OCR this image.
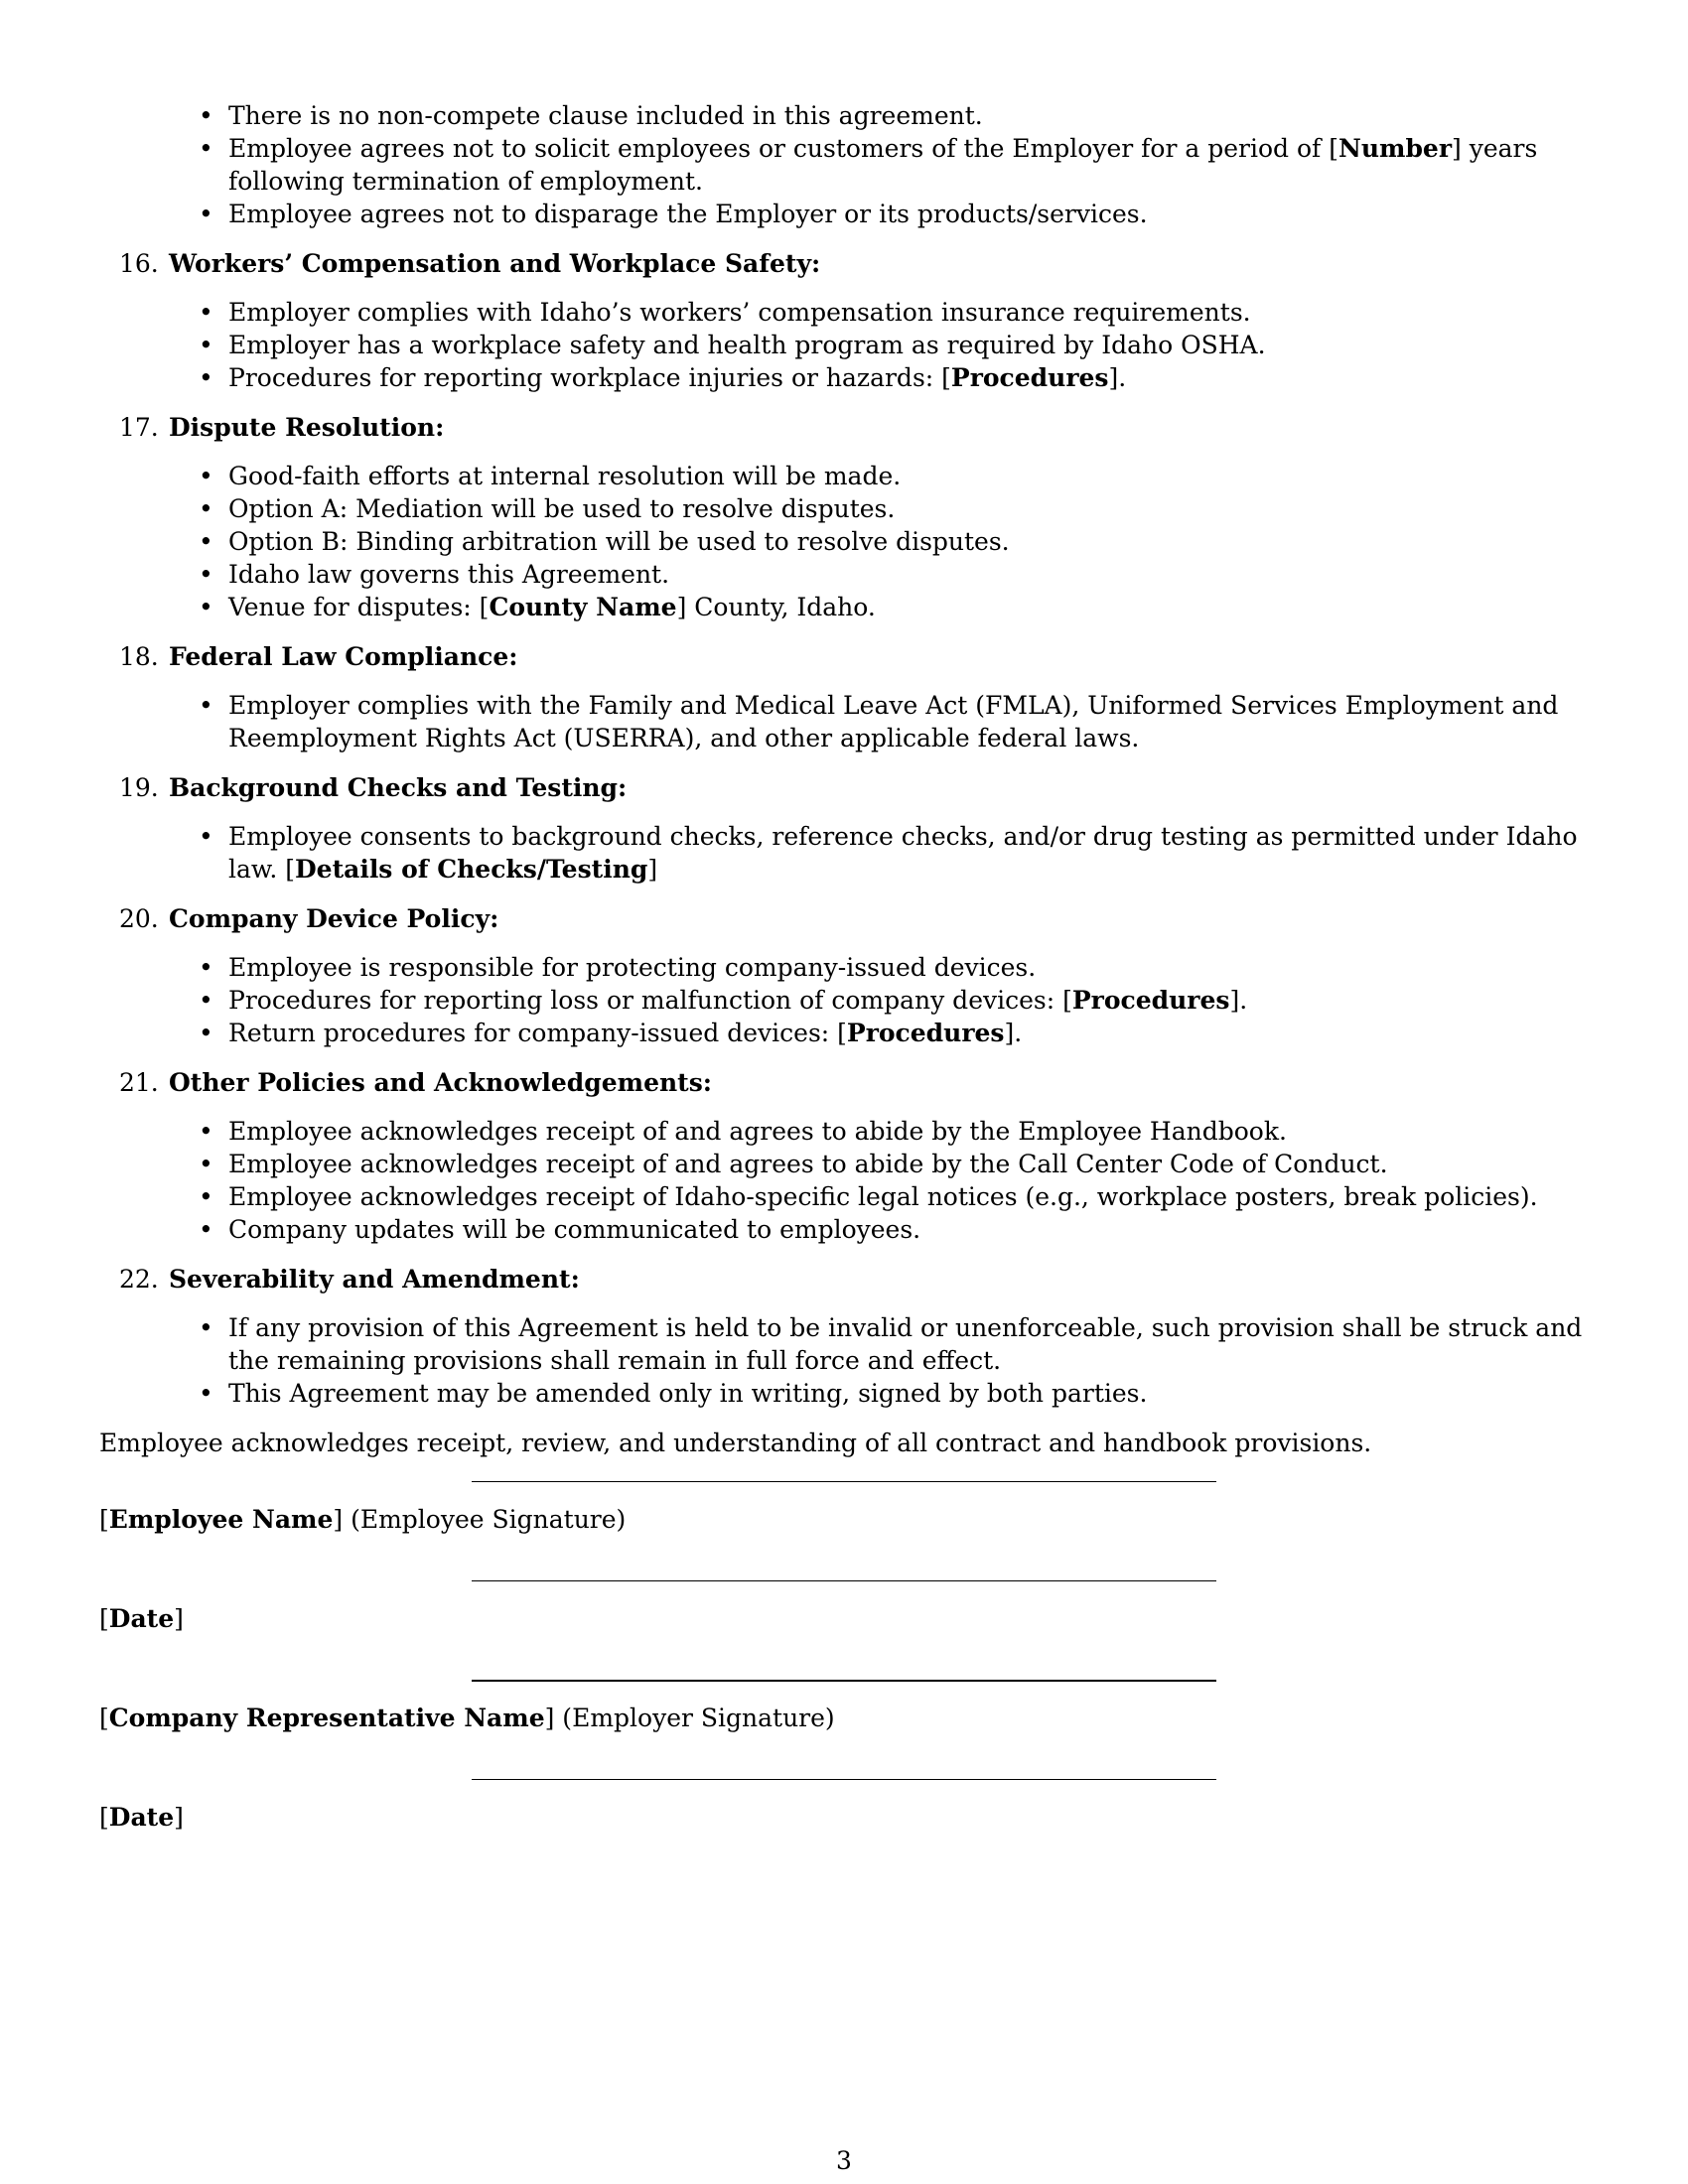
• There is no non-compete clause included in this agreement.
• Employee agrees not to solicit employees or customers of the Employer for a period of [Number] years following termination of employment.
• Employee agrees not to disparage the Employer or its products/services.
16. Workers’ Compensation and Workplace Safety:
• Employer complies with Idaho’s workers’ compensation insurance requirements.
• Employer has a workplace safety and health program as required by Idaho OSHA.
• Procedures for reporting workplace injuries or hazards: [Procedures].
17. Dispute Resolution:
• Good-faith efforts at internal resolution will be made.
• Option A: Mediation will be used to resolve disputes.
• Option B: Binding arbitration will be used to resolve disputes.
• Idaho law governs this Agreement.
• Venue for disputes: [County Name] County, Idaho.
18. Federal Law Compliance:
• Employer complies with the Family and Medical Leave Act (FMLA), Uniformed Services Employment and Reemployment Rights Act (USERRA), and other applicable federal laws.
19. Background Checks and Testing:
• Employee consents to background checks, reference checks, and/or drug testing as permitted under Idaho law. [Details of Checks/Testing]
20. Company Device Policy:
• Employee is responsible for protecting company-issued devices.
• Procedures for reporting loss or malfunction of company devices: [Procedures].
• Return procedures for company-issued devices: [Procedures].
21. Other Policies and Acknowledgements:
• Employee acknowledges receipt of and agrees to abide by the Employee Handbook.
• Employee acknowledges receipt of and agrees to abide by the Call Center Code of Conduct.
• Employee acknowledges receipt of Idaho-specific legal notices (e.g., workplace posters, break policies).
• Company updates will be communicated to employees.
22. Severability and Amendment:
• If any provision of this Agreement is held to be invalid or unenforceable, such provision shall be struck and the remaining provisions shall remain in full force and effect.
• This Agreement may be amended only in writing, signed by both parties.
Employee acknowledges receipt, review, and understanding of all contract and handbook provisions.
[Employee Name] (Employee Signature)
[Date]
[Company Representative Name] (Employer Signature)
[Date]
3
